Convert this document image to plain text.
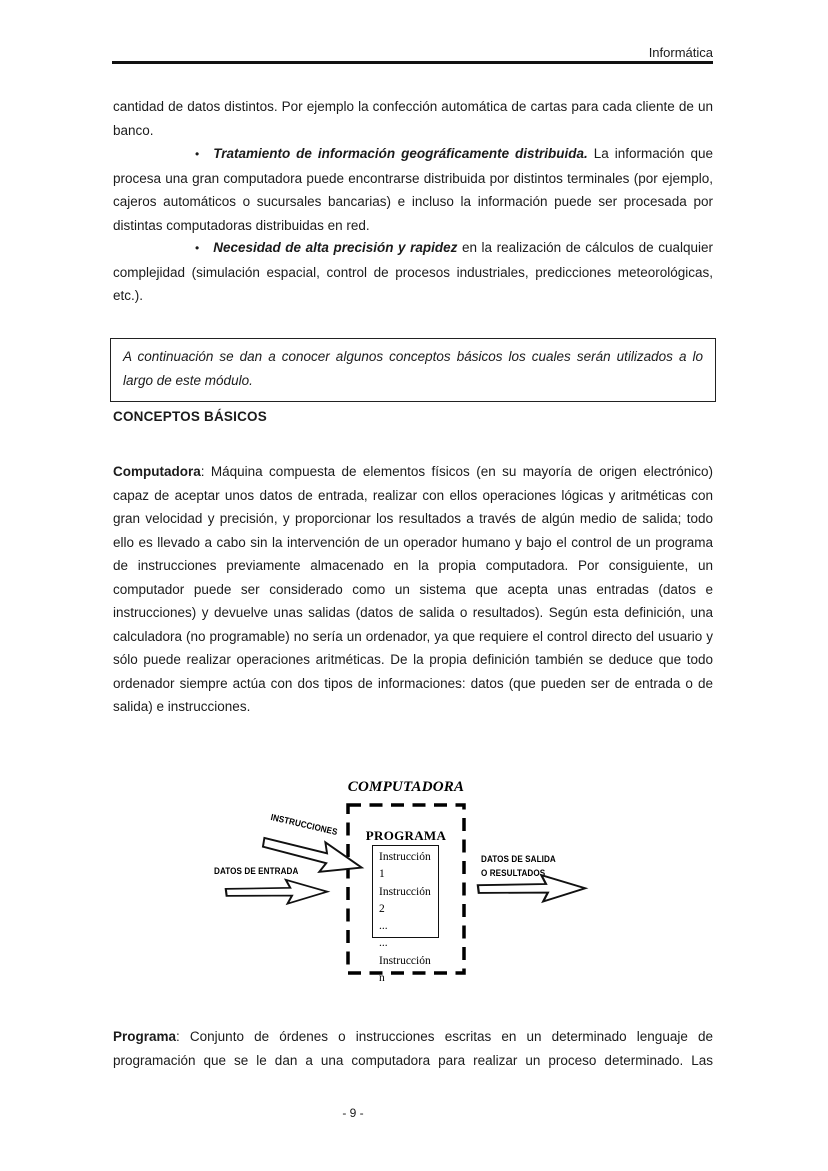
Informática
cantidad de datos distintos. Por ejemplo la confección automática de cartas para cada cliente de un banco.
• Tratamiento de información geográficamente distribuida. La información que procesa una gran computadora puede encontrarse distribuida por distintos terminales (por ejemplo, cajeros automáticos o sucursales bancarias) e incluso la información puede ser procesada por distintas computadoras distribuidas en red.
• Necesidad de alta precisión y rapidez en la realización de cálculos de cualquier complejidad (simulación espacial, control de procesos industriales, predicciones meteorológicas, etc.).
A continuación se dan a conocer algunos conceptos básicos los cuales serán utilizados a lo largo de este módulo.
CONCEPTOS BÁSICOS
Computadora: Máquina compuesta de elementos físicos (en su mayoría de origen electrónico) capaz de aceptar unos datos de entrada, realizar con ellos operaciones lógicas y aritméticas con gran velocidad y precisión, y proporcionar los resultados a través de algún medio de salida; todo ello es llevado a cabo sin la intervención de un operador humano y bajo el control de un programa de instrucciones previamente almacenado en la propia computadora. Por consiguiente, un computador puede ser considerado como un sistema que acepta unas entradas (datos e instrucciones) y devuelve unas salidas (datos de salida o resultados). Según esta definición, una calculadora (no programable) no sería un ordenador, ya que requiere el control directo del usuario y sólo puede realizar operaciones aritméticas. De la propia definición también se deduce que todo ordenador siempre actúa con dos tipos de informaciones: datos (que pueden ser de entrada o de salida) e instrucciones.
COMPUTADORA
PROGRAMA
Instrucción 1
Instrucción 2
...
...
Instrucción n
INSTRUCCIONES
DATOS DE ENTRADA
DATOS DE SALIDA
O RESULTADOS
Programa: Conjunto de órdenes o instrucciones escritas en un determinado lenguaje de programación que se le dan a una computadora para realizar un proceso determinado. Las
- 9 -
